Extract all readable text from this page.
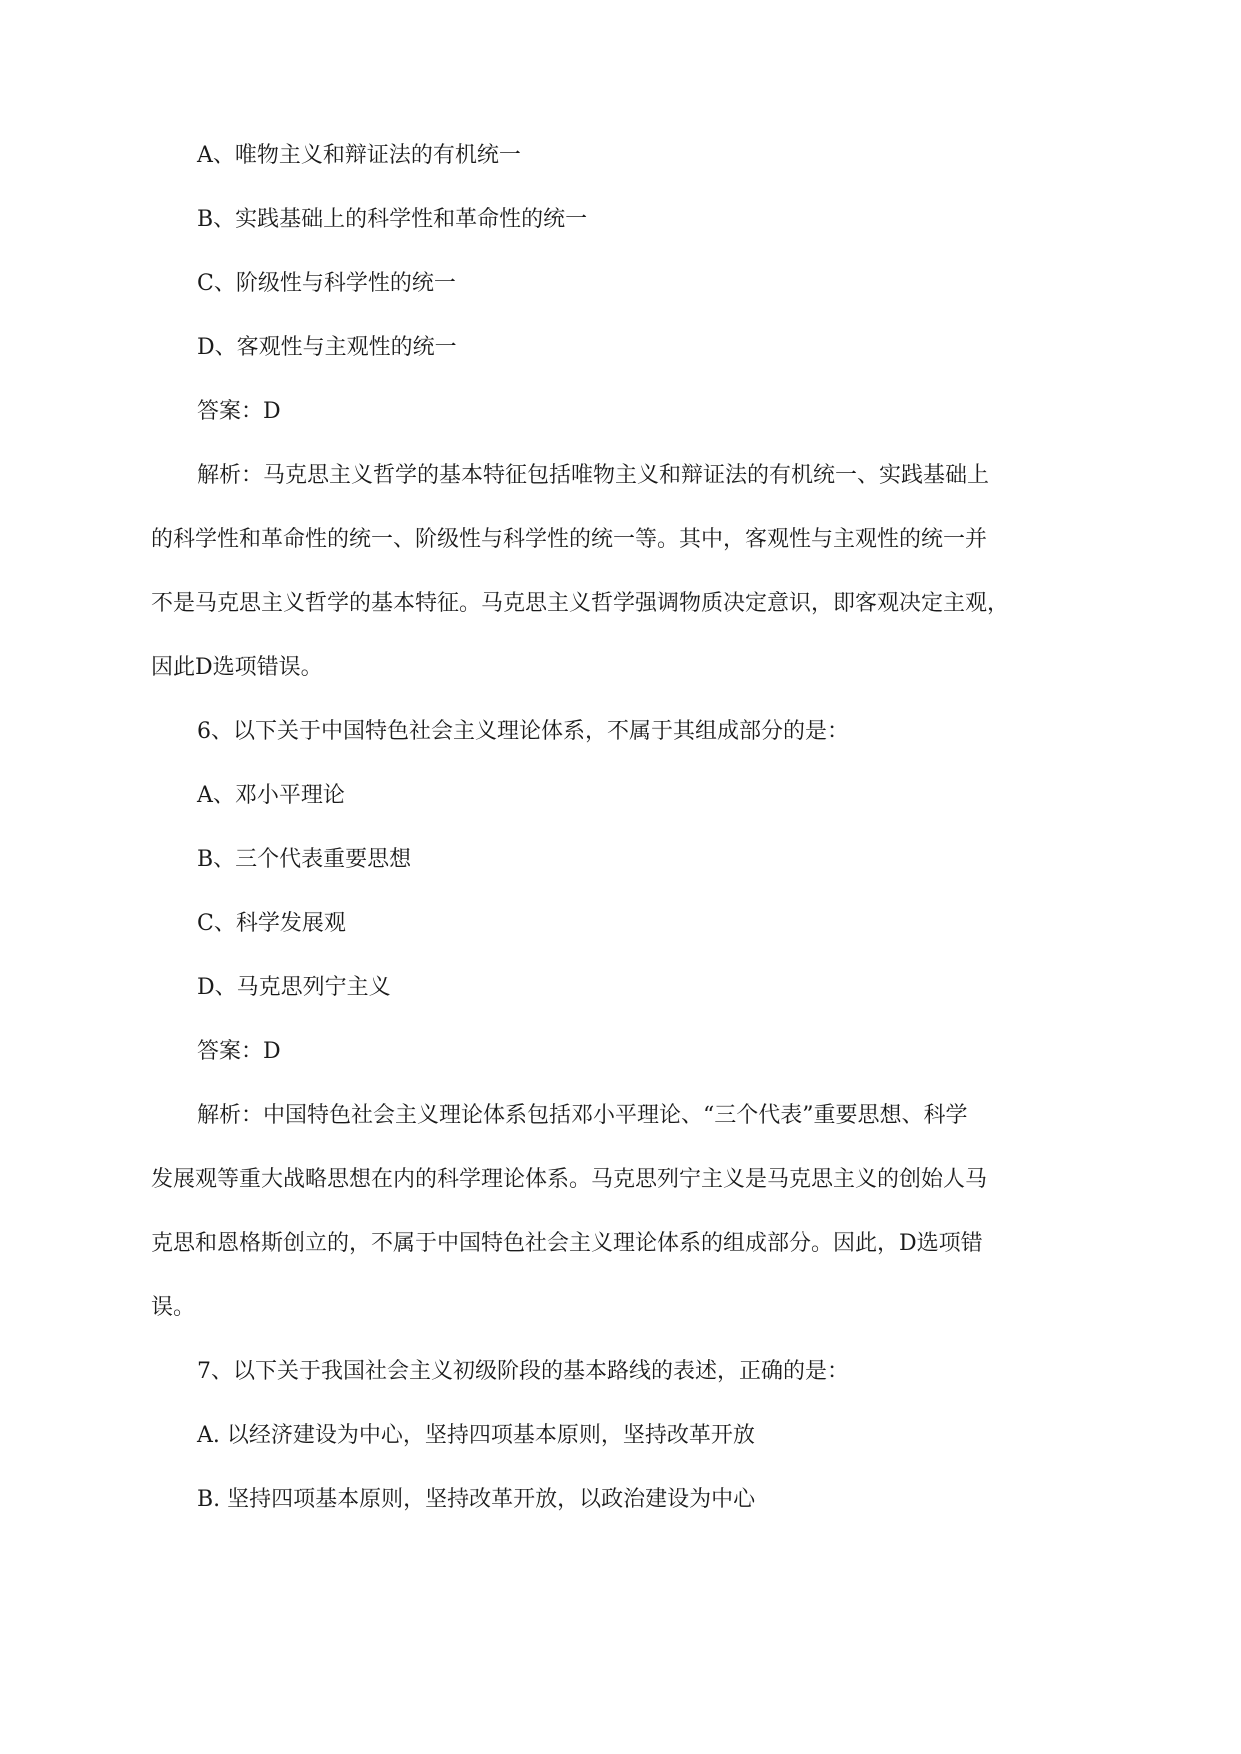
A、唯物主义和辩证法的有机统一
B、实践基础上的科学性和革命性的统一
C、阶级性与科学性的统一
D、客观性与主观性的统一
答案：D
解析：马克思主义哲学的基本特征包括唯物主义和辩证法的有机统一、实践基础上
的科学性和革命性的统一、阶级性与科学性的统一等。其中，客观性与主观性的统一并
不是马克思主义哲学的基本特征。马克思主义哲学强调物质决定意识，即客观决定主观，
因此D选项错误。
6、以下关于中国特色社会主义理论体系，不属于其组成部分的是：
A、邓小平理论
B、三个代表重要思想
C、科学发展观
D、马克思列宁主义
答案：D
解析：中国特色社会主义理论体系包括邓小平理论、“三个代表”重要思想、科学
发展观等重大战略思想在内的科学理论体系。马克思列宁主义是马克思主义的创始人马
克思和恩格斯创立的，不属于中国特色社会主义理论体系的组成部分。因此，D选项错
误。
7、以下关于我国社会主义初级阶段的基本路线的表述，正确的是：
A. 以经济建设为中心，坚持四项基本原则，坚持改革开放
B. 坚持四项基本原则，坚持改革开放，以政治建设为中心
